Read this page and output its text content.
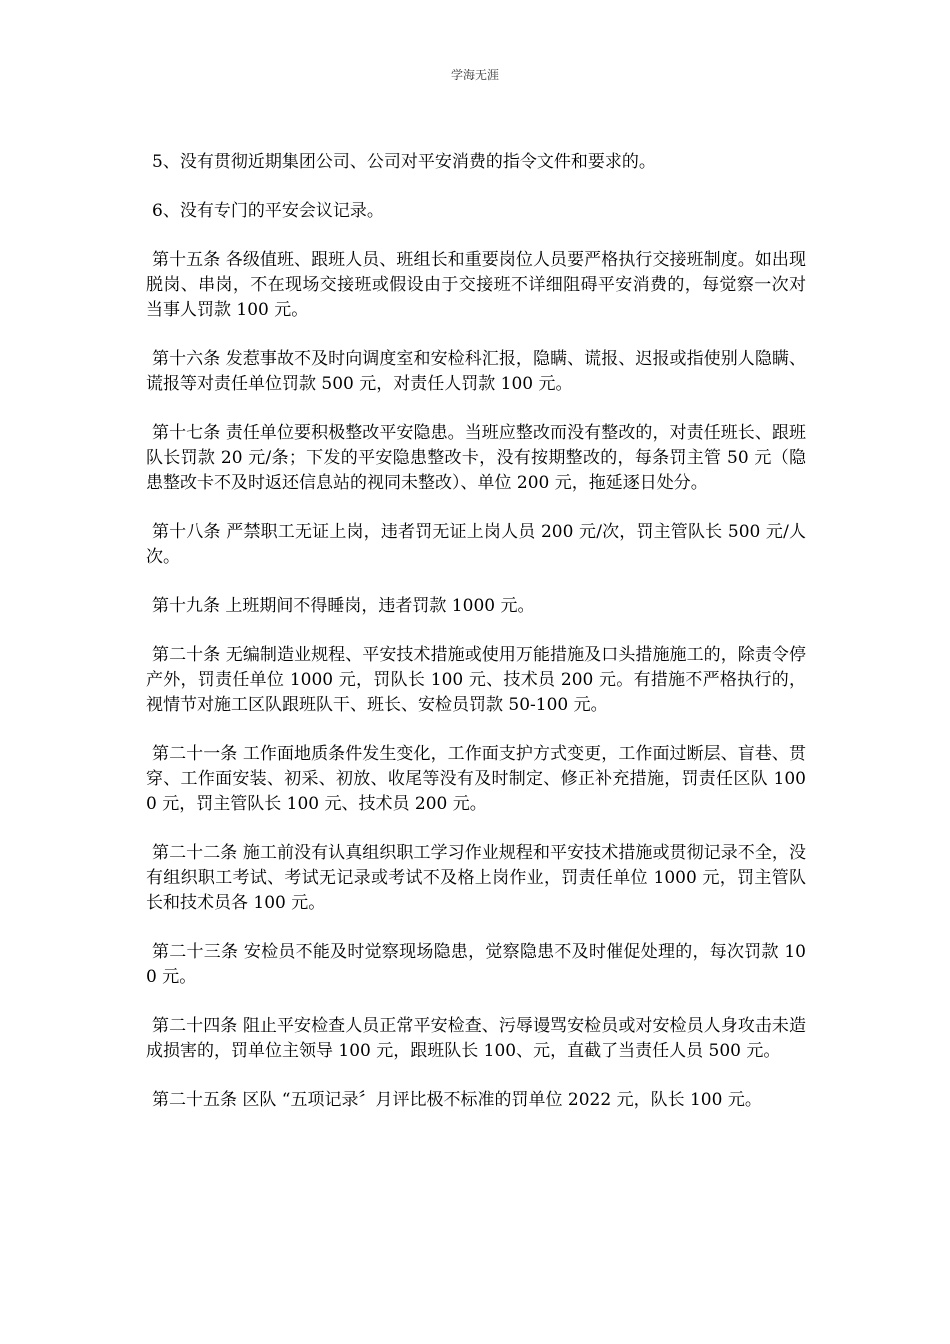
学海无涯

5、没有贯彻近期集团公司、公司对平安消费的指令文件和要求的。

6、没有专门的平安会议记录。

第十五条 各级值班、跟班人员、班组长和重要岗位人员要严格执行交接班制度。如出现脱岗、串岗，不在现场交接班或假设由于交接班不详细阻碍平安消费的，每觉察一次对当事人罚款 100 元。

第十六条 发惹事故不及时向调度室和安检科汇报，隐瞒、谎报、迟报或指使别人隐瞒、谎报等对责任单位罚款 500 元，对责任人罚款 100 元。

第十七条 责任单位要积极整改平安隐患。当班应整改而没有整改的，对责任班长、跟班队长罚款 20 元/条；下发的平安隐患整改卡，没有按期整改的，每条罚主管 50 元（隐患整改卡不及时返还信息站的视同未整改）、单位 200 元，拖延逐日处分。

第十八条 严禁职工无证上岗，违者罚无证上岗人员 200 元/次，罚主管队长 500 元/人次。

第十九条 上班期间不得睡岗，违者罚款 1000 元。

第二十条 无编制造业规程、平安技术措施或使用万能措施及口头措施施工的，除责令停产外，罚责任单位 1000 元，罚队长 100 元、技术员 200 元。有措施不严格执行的，视情节对施工区队跟班队干、班长、安检员罚款 50-100 元。

第二十一条 工作面地质条件发生变化，工作面支护方式变更，工作面过断层、盲巷、贯穿、工作面安装、初采、初放、收尾等没有及时制定、修正补充措施，罚责任区队 1000 元，罚主管队长 100 元、技术员 200 元。

第二十二条 施工前没有认真组织职工学习作业规程和平安技术措施或贯彻记录不全，没有组织职工考试、考试无记录或考试不及格上岗作业，罚责任单位 1000 元，罚主管队长和技术员各 100 元。

第二十三条 安检员不能及时觉察现场隐患，觉察隐患不及时催促处理的，每次罚款 100 元。

第二十四条 阻止平安检查人员正常平安检查、污辱谩骂安检员或对安检员人身攻击未造成损害的，罚单位主领导 100 元，跟班队长 100、元，直截了当责任人员 500 元。

第二十五条 区队 “五项记录〞月评比极不标准的罚单位 2022 元，队长 100 元。
